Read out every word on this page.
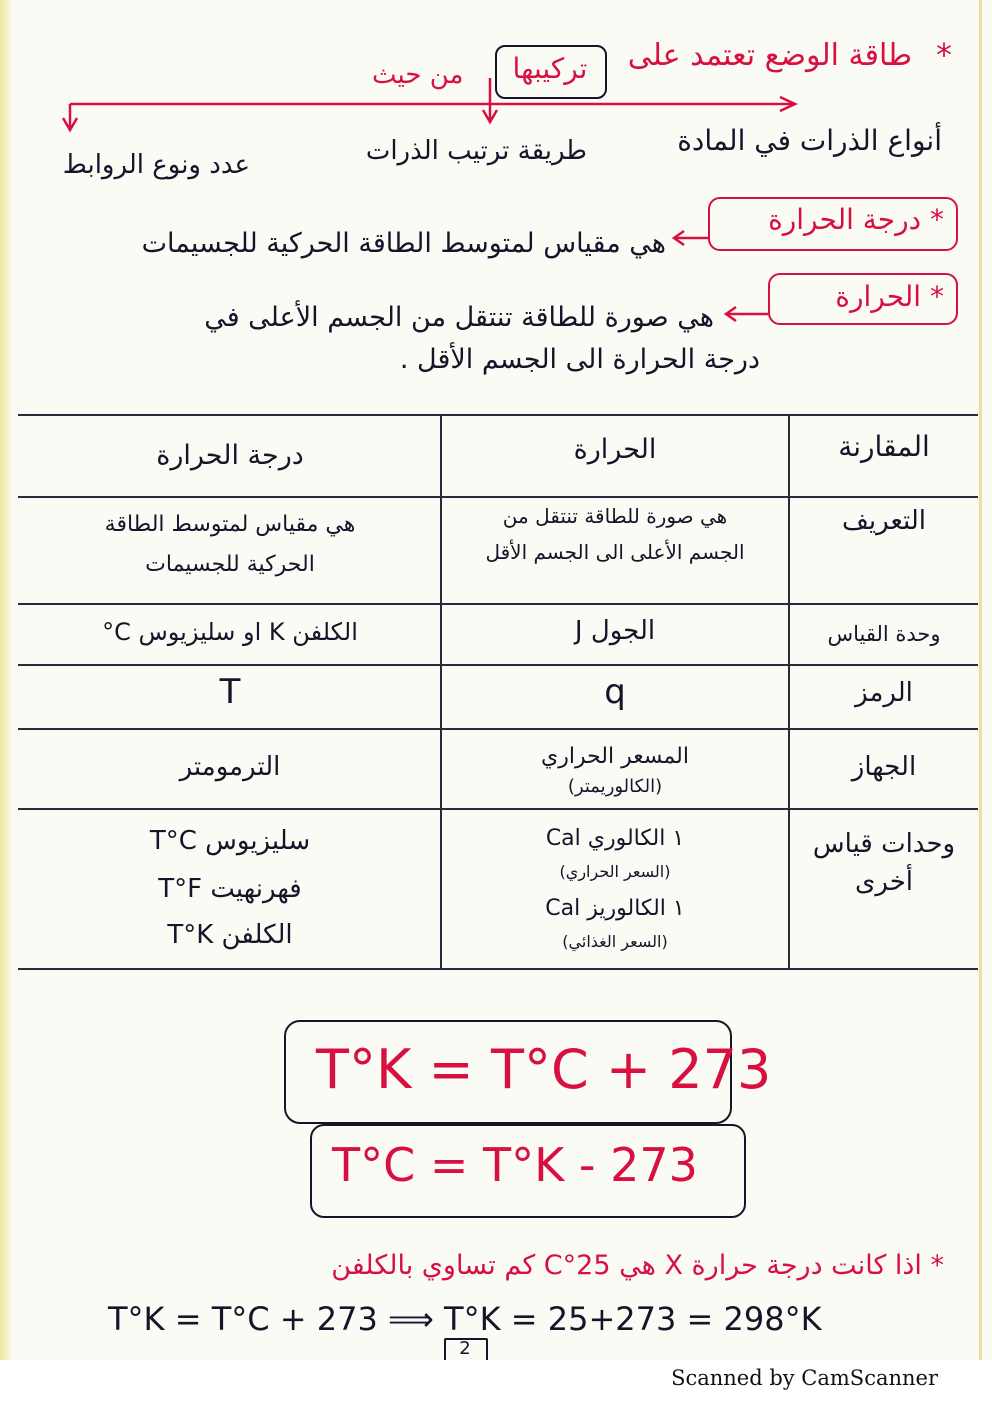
*
طاقة الوضع تعتمد على
تركيبها
من حيث
أنواع الذرات في المادة
طريقة ترتيب الذرات
عدد ونوع الروابط
* درجة الحرارة
هي مقياس لمتوسط الطاقة الحركية للجسيمات
* الحرارة
هي صورة للطاقة تنتقل من الجسم الأعلى في
درجة الحرارة الى الجسم الأقل .
المقارنة
الحرارة
درجة الحرارة
التعريف
هي صورة للطاقة تنتقل من
الجسم الأعلى الى الجسم الأقل
هي مقياس لمتوسط الطاقة
الحركية للجسيمات
وحدة القياس
الجول J
الكلفن K او سليزيوس C°
الرمز
q
T
الجهاز
المسعر الحراري
(الكالوريمتر)
الترمومتر
وحدات قياس أخرى
١ الكالوري Cal
(السعر الحراري)
١ الكالوريز Cal
(السعر الغذائي)
سليزيوس T°C
فهرنهيت T°F
الكلفن T°K
T°K = T°C + 273
T°C = T°K - 273
* اذا كانت درجة حرارة X هي 25°C كم تساوي بالكلفن
T°K = T°C + 273 ⟹ T°K = 25+273 = 298°K
2
Scanned by CamScanner
